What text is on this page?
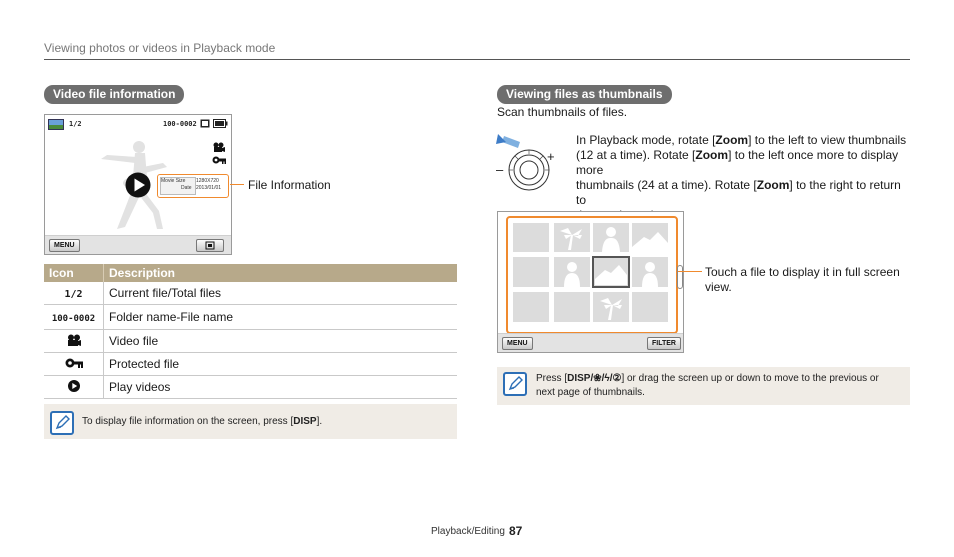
Viewing photos or videos in Playback mode
Video file information
1/2	100-0002
Movie Size
Date
1280X720
2013/01/01
MENU
File Information
Icon	Description
1/2	Current file/Total files
100-0002	Folder name-File name
	Video file
	Protected file
	Play videos
To display file information on the screen, press [DISP].
Viewing files as thumbnails
Scan thumbnails of files.
–
+
In Playback mode, rotate [Zoom] to the left to view thumbnails
(12 at a time). Rotate [Zoom] to the left once more to display more
thumbnails (24 at a time). Rotate [Zoom] to the right to return to
MENU	FILTER
Touch a file to display it in full screen
view.
Press [DISP/❀/ϟ/②] or drag the screen up or down to move to the previous or
next page of thumbnails.
Playback/Editing 87
